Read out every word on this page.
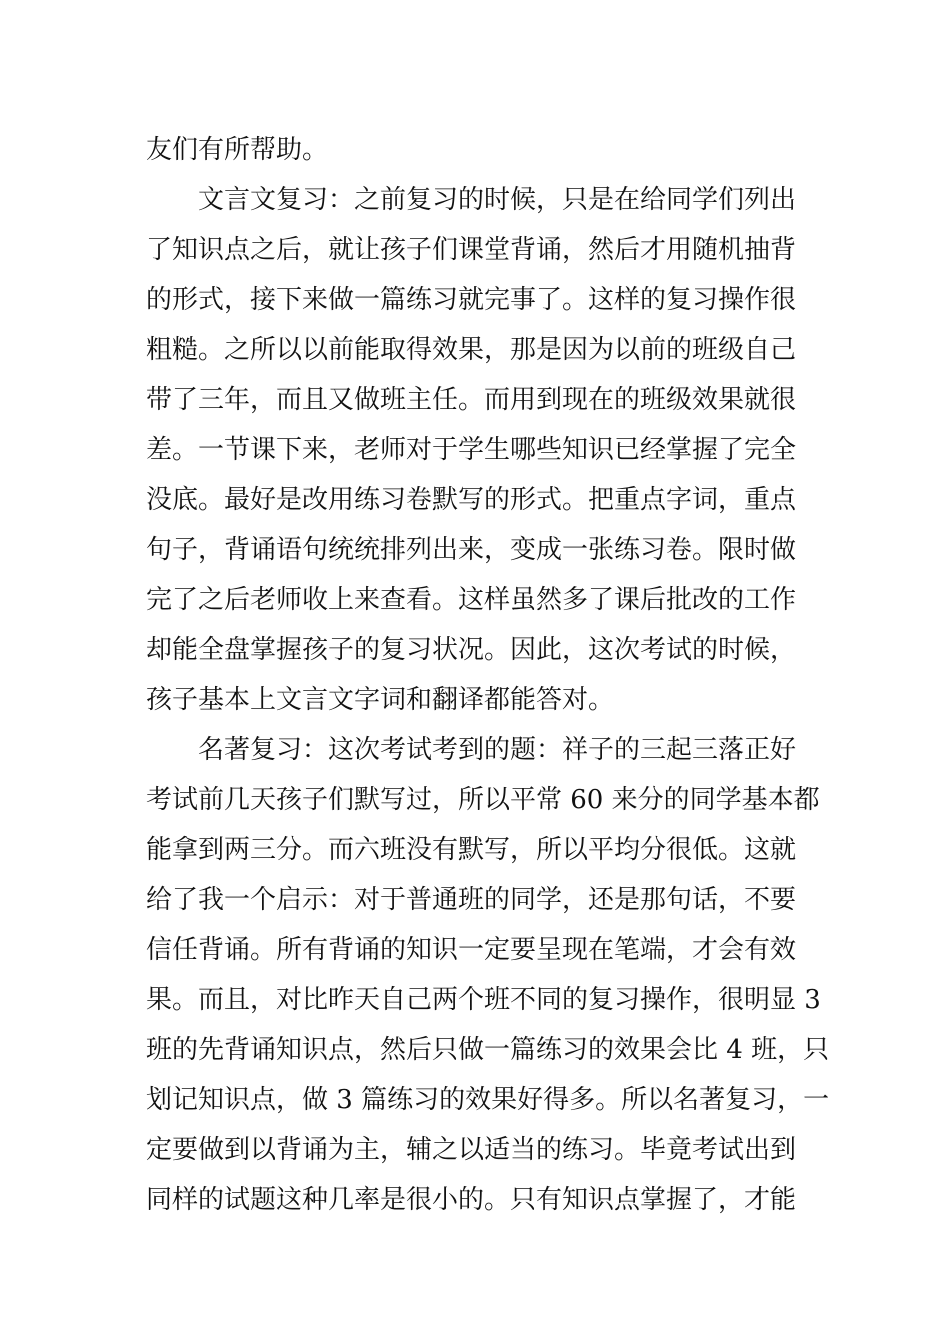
友们有所帮助。
文言文复习：之前复习的时候，只是在给同学们列出
了知识点之后，就让孩子们课堂背诵，然后才用随机抽背
的形式，接下来做一篇练习就完事了。这样的复习操作很
粗糙。之所以以前能取得效果，那是因为以前的班级自己
带了三年，而且又做班主任。而用到现在的班级效果就很
差。一节课下来，老师对于学生哪些知识已经掌握了完全
没底。最好是改用练习卷默写的形式。把重点字词，重点
句子，背诵语句统统排列出来，变成一张练习卷。限时做
完了之后老师收上来查看。这样虽然多了课后批改的工作
却能全盘掌握孩子的复习状况。因此，这次考试的时候，
孩子基本上文言文字词和翻译都能答对。
名著复习：这次考试考到的题：祥子的三起三落正好
考试前几天孩子们默写过，所以平常 60 来分的同学基本都
能拿到两三分。而六班没有默写，所以平均分很低。这就
给了我一个启示：对于普通班的同学，还是那句话，不要
信任背诵。所有背诵的知识一定要呈现在笔端，才会有效
果。而且，对比昨天自己两个班不同的复习操作，很明显 3
班的先背诵知识点，然后只做一篇练习的效果会比 4 班，只
划记知识点，做 3 篇练习的效果好得多。所以名著复习，一
定要做到以背诵为主，辅之以适当的练习。毕竟考试出到
同样的试题这种几率是很小的。只有知识点掌握了，才能
